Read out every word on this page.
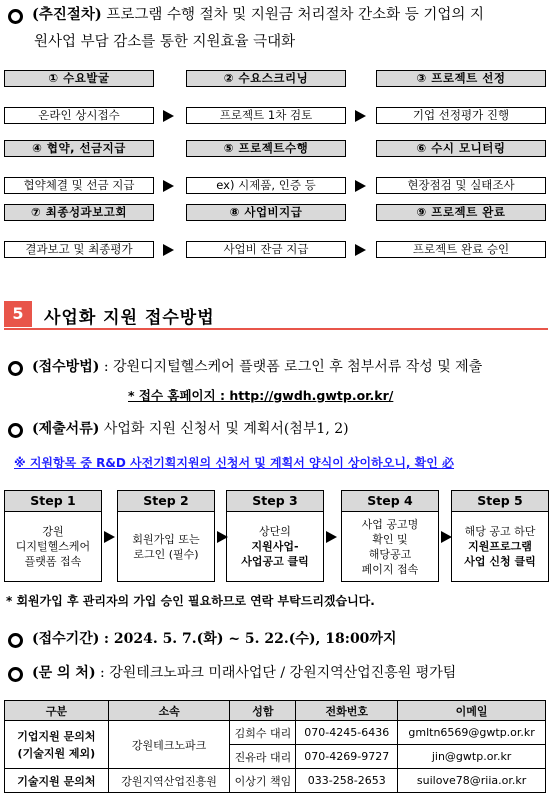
(추진절차) 프로그램 수행 절차 및 지원금 처리절차 간소화 등 기업의 지
원사업 부담 감소를 통한 지원효율 극대화
① 수요발굴	② 수요스크리닝	③ 프로젝트 선정
온라인 상시접수	프로젝트 1차 검토	기업 선정평가 진행
④ 협약, 선금지급	⑤ 프로젝트수행	⑥ 수시 모니터링
협약체결 및 선금 지급	ex) 시제품, 인증 등	현장점검 및 실태조사
⑦ 최종성과보고회	⑧ 사업비지급	⑨ 프로젝트 완료
결과보고 및 최종평가	사업비 잔금 지급	프로젝트 완료 승인
5	사업화 지원 접수방법
(접수방법) : 강원디지털헬스케어 플랫폼 로그인 후 첨부서류 작성 및 제출
* 접수 홈페이지 : http://gwdh.gwtp.or.kr/
(제출서류) 사업화 지원 신청서 및 계획서(첨부1, 2)
※ 지원항목 중 R&D 사전기획지원의 신청서 및 계획서 양식이 상이하오니, 확인 必
Step 1
강원
디지털헬스케어
플랫폼 접속
Step 2
회원가입 또는
로그인 (필수)
Step 3
상단의
지원사업-
사업공고 클릭
Step 4
사업 공고명
확인 및
해당공고
페이지 접속
Step 5
해당 공고 하단
지원프로그램
사업 신청 클릭
* 회원가입 후 관리자의 가입 승인 필요하므로 연락 부탁드리겠습니다.
(접수기간) : 2024. 5. 7.(화) ~ 5. 22.(수), 18:00까지
(문 의 처) : 강원테크노파크 미래사업단 / 강원지역산업진흥원 평가팀
구분	소속	성함	전화번호	이메일
기업지원 문의처
(기술지원 제외)	강원테크노파크	김희수 대리	070-4245-6436	gmltn6569@gwtp.or.kr
		진유라 대리	070-4269-9727	jin@gwtp.or.kr
기술지원 문의처	강원지역산업진흥원	이상기 책임	033-258-2653	suilove78@riia.or.kr
